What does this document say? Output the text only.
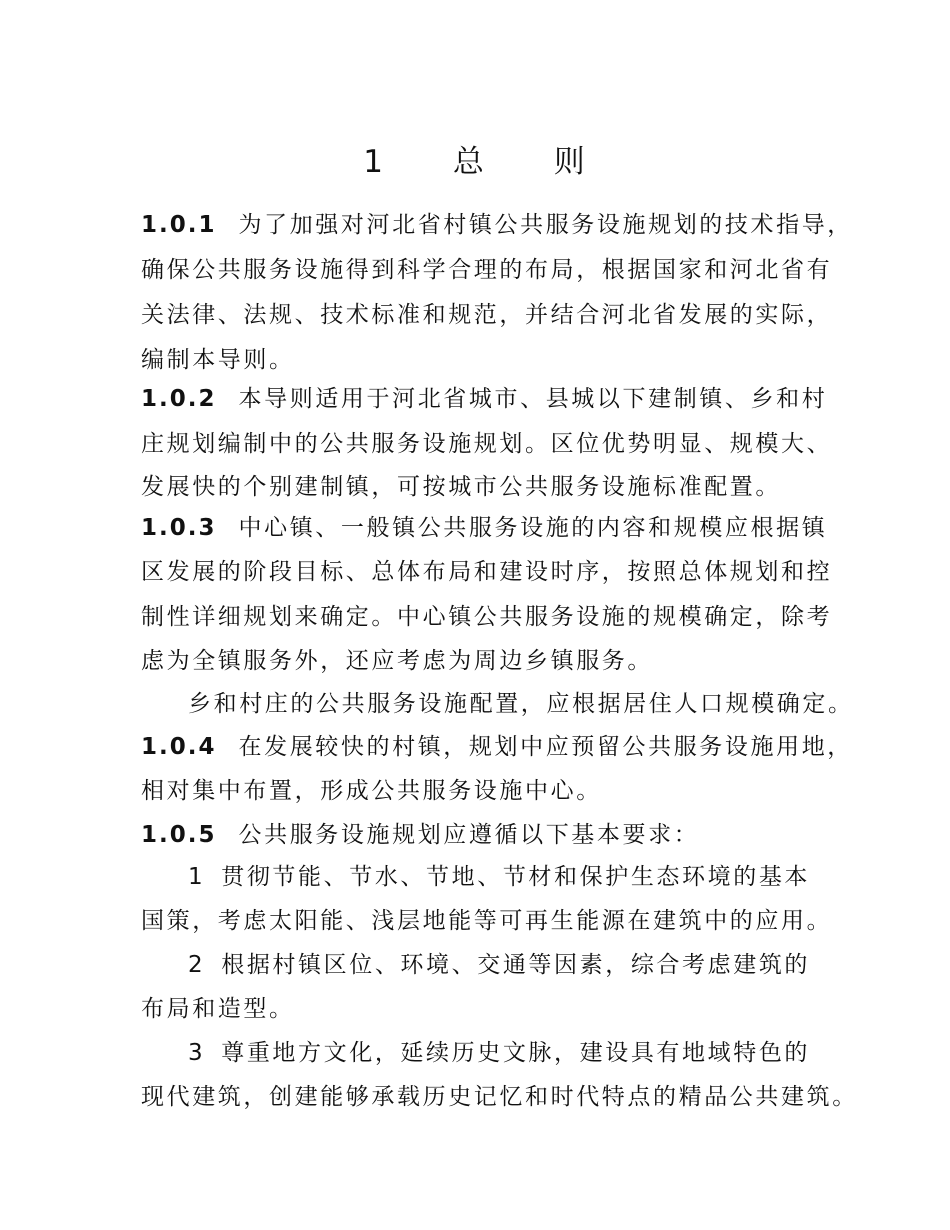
1 总 则
1.0.1 为了加强对河北省村镇公共服务设施规划的技术指导，
确保公共服务设施得到科学合理的布局，根据国家和河北省有
关法律、法规、技术标准和规范，并结合河北省发展的实际，
编制本导则。
1.0.2 本导则适用于河北省城市、县城以下建制镇、乡和村
庄规划编制中的公共服务设施规划。区位优势明显、规模大、
发展快的个别建制镇，可按城市公共服务设施标准配置。
1.0.3 中心镇、一般镇公共服务设施的内容和规模应根据镇
区发展的阶段目标、总体布局和建设时序，按照总体规划和控
制性详细规划来确定。中心镇公共服务设施的规模确定，除考
虑为全镇服务外，还应考虑为周边乡镇服务。
乡和村庄的公共服务设施配置，应根据居住人口规模确定。
1.0.4 在发展较快的村镇，规划中应预留公共服务设施用地，
相对集中布置，形成公共服务设施中心。
1.0.5 公共服务设施规划应遵循以下基本要求：
1 贯彻节能、节水、节地、节材和保护生态环境的基本
国策，考虑太阳能、浅层地能等可再生能源在建筑中的应用。
2 根据村镇区位、环境、交通等因素，综合考虑建筑的
布局和造型。
3 尊重地方文化，延续历史文脉，建设具有地域特色的
现代建筑，创建能够承载历史记忆和时代特点的精品公共建筑。
